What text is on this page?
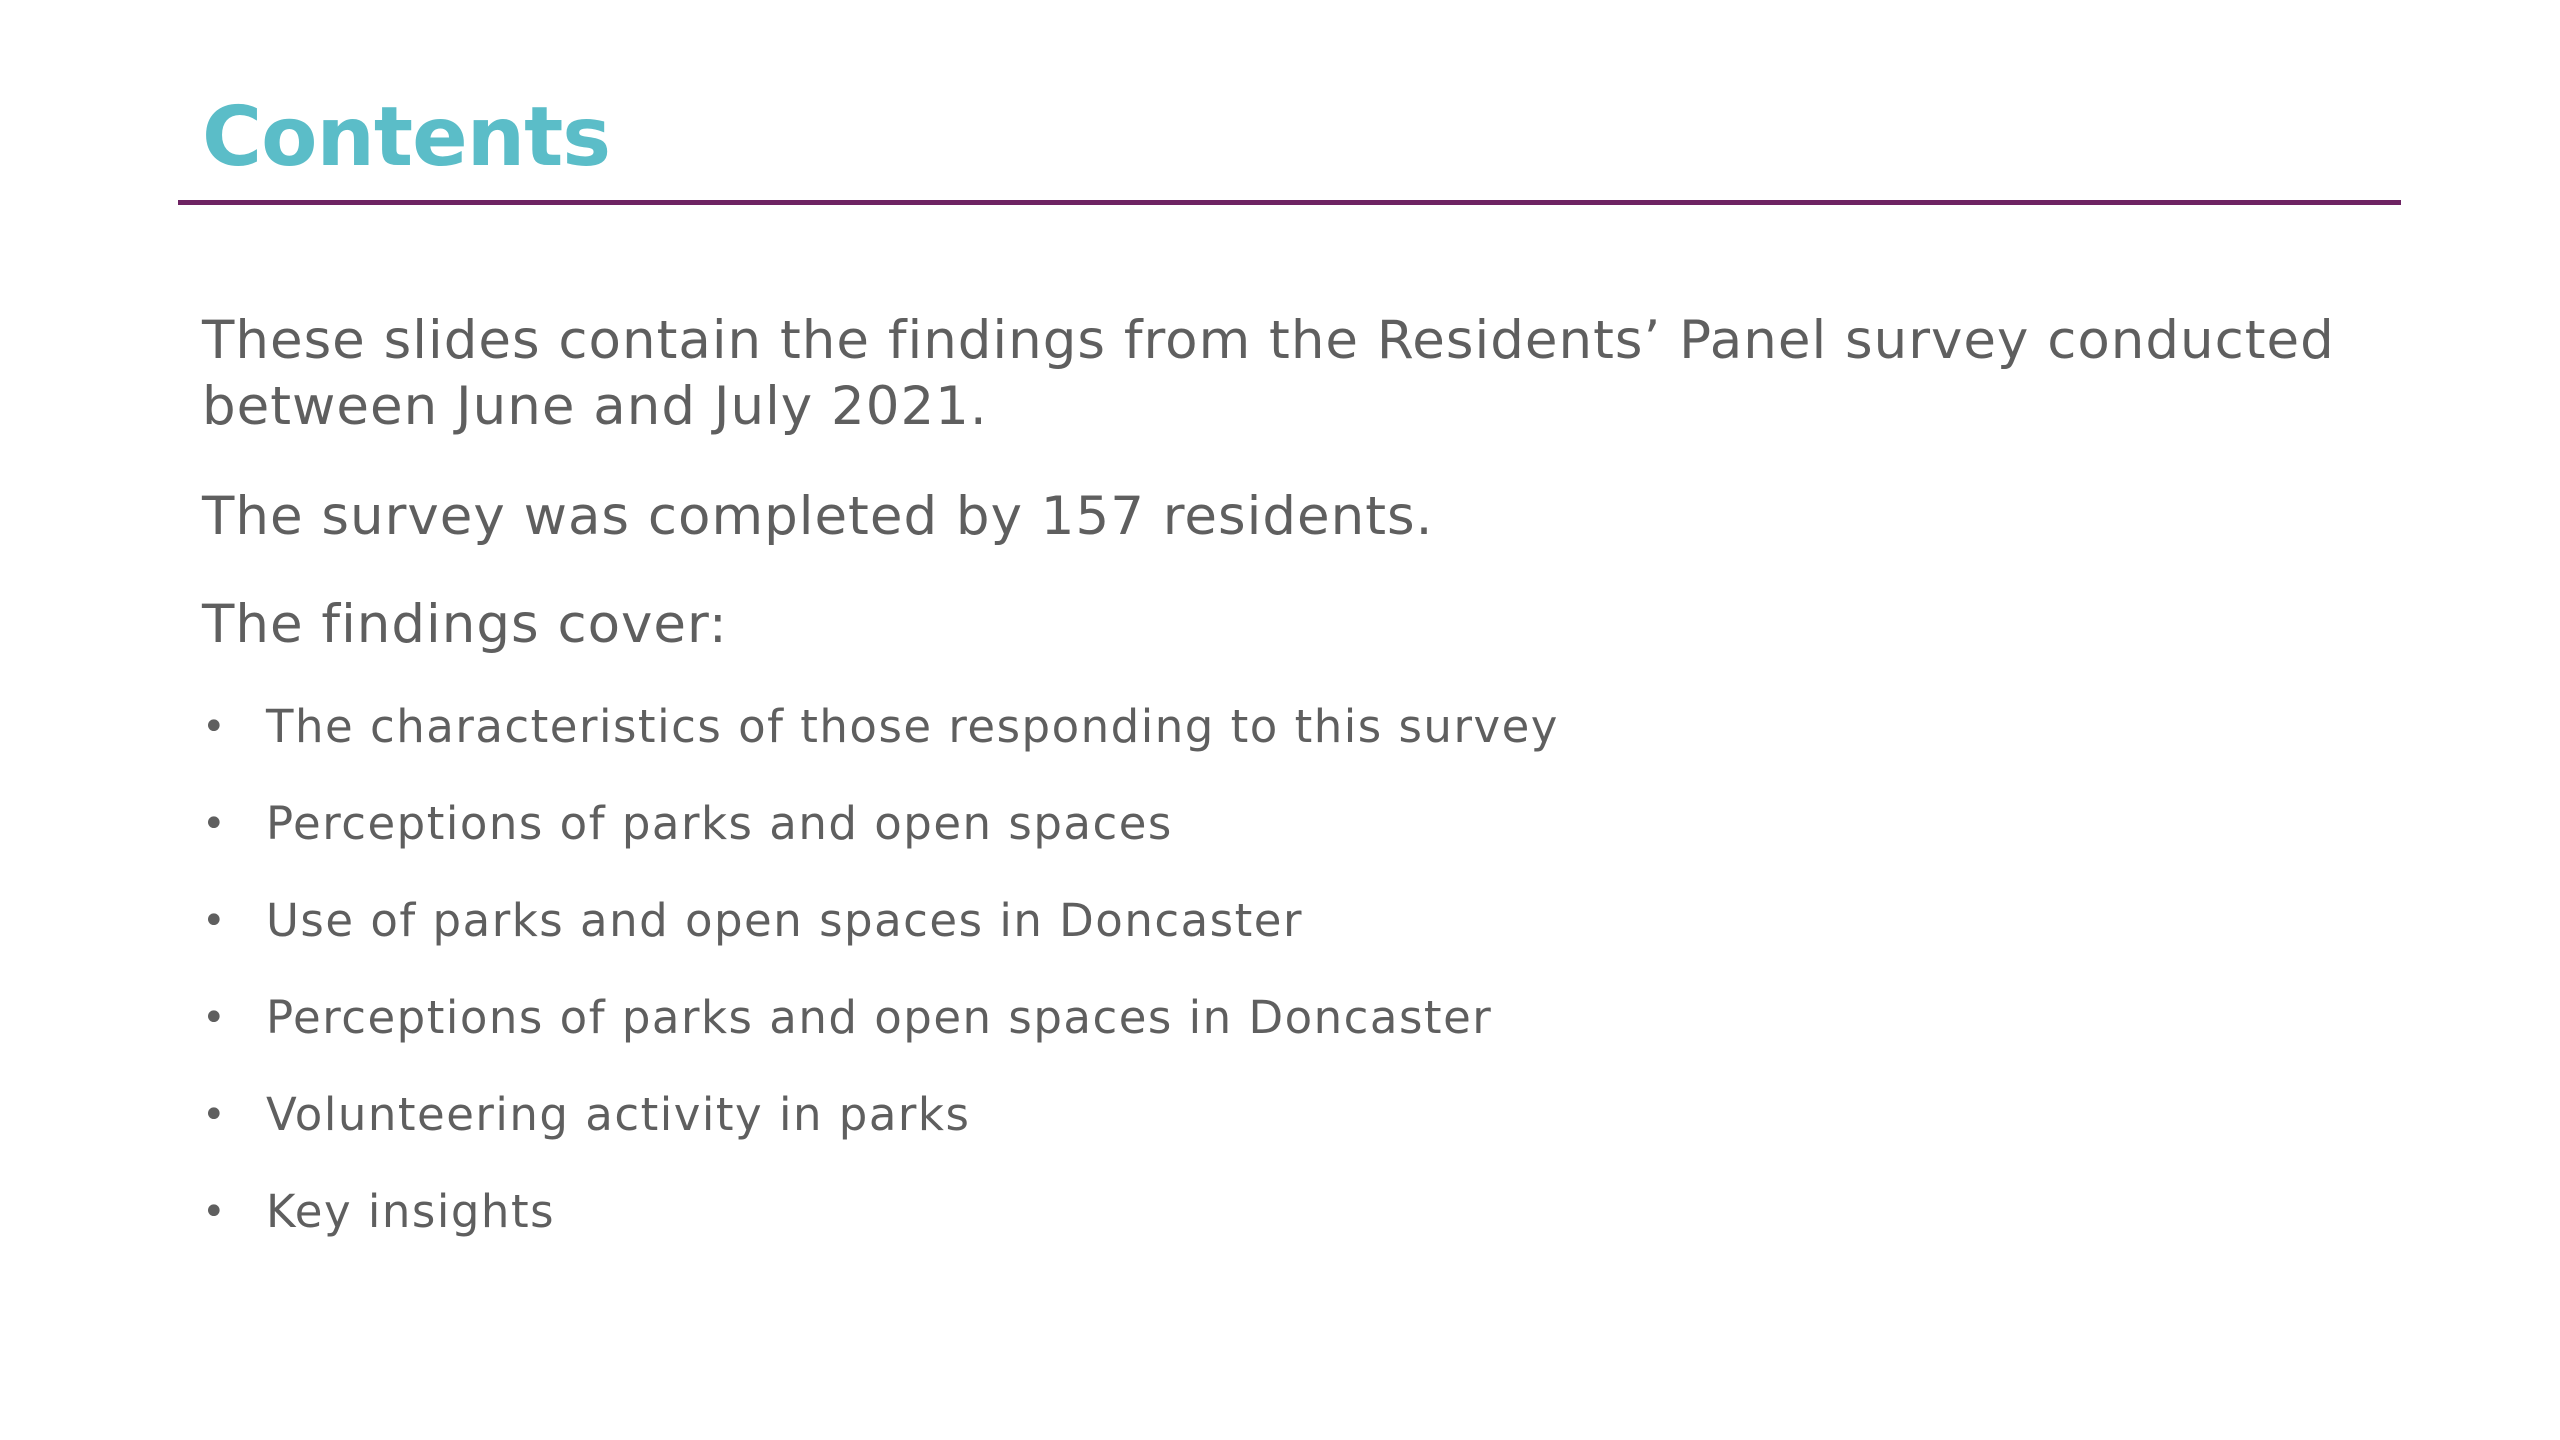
Contents

These slides contain the findings from the Residents’ Panel survey conducted between June and July 2021.

The survey was completed by 157 residents.
The findings cover:
• The characteristics of those responding to this survey
• Perceptions of parks and open spaces
• Use of parks and open spaces in Doncaster
• Perceptions of parks and open spaces in Doncaster
• Volunteering activity in parks
• Key insights
